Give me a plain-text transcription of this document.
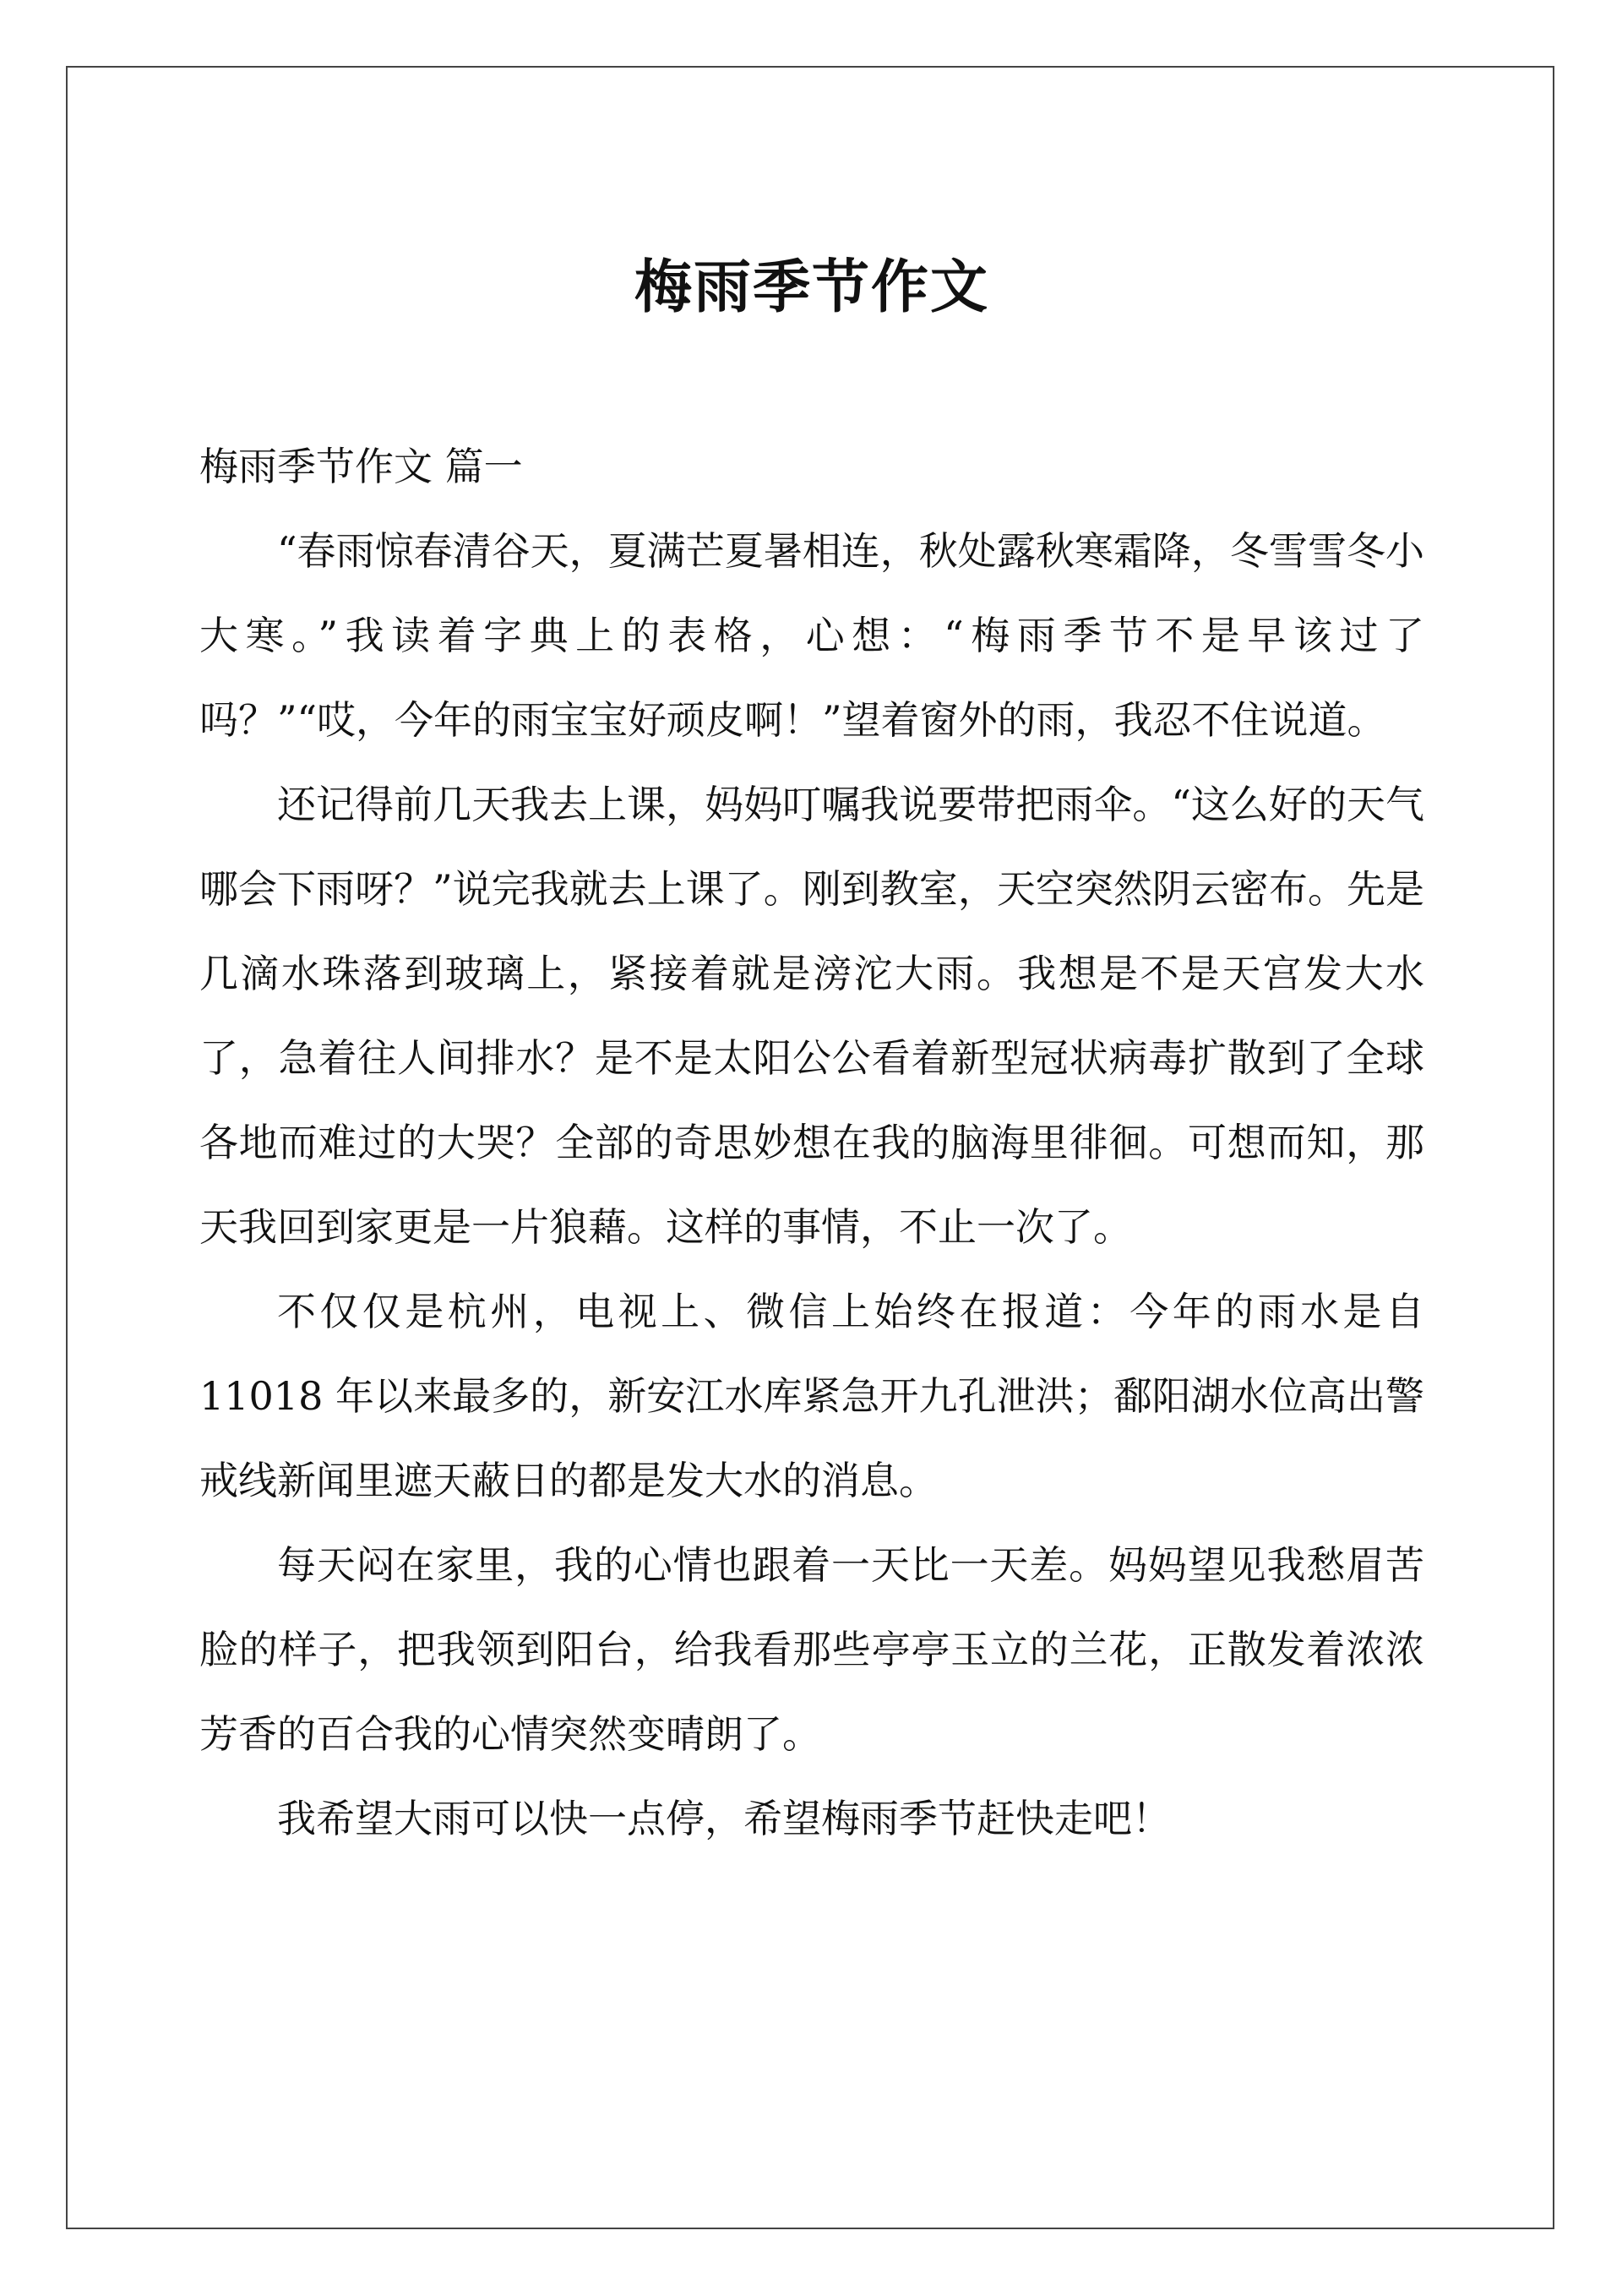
梅雨季节作文

梅雨季节作文 篇一

“春雨惊春清谷天，夏满芒夏暑相连，秋处露秋寒霜降，冬雪雪冬小大寒。”我读着字典上的表格，心想：“梅雨季节不是早该过了吗？”“哎，今年的雨宝宝好顽皮啊！”望着窗外的雨，我忍不住说道。

还记得前几天我去上课，妈妈叮嘱我说要带把雨伞。“这么好的天气哪会下雨呀？”说完我就去上课了。刚到教室，天空突然阴云密布。先是几滴水珠落到玻璃上，紧接着就是滂沱大雨。我想是不是天宫发大水了，急着往人间排水？是不是太阳公公看着新型冠状病毒扩散到了全球各地而难过的大哭？全部的奇思妙想在我的脑海里徘徊。可想而知，那天我回到家更是一片狼藉。这样的事情，不止一次了。

不仅仅是杭州，电视上、微信上始终在报道：今年的雨水是自 11018 年以来最多的，新安江水库紧急开九孔泄洪；鄱阳湖水位高出警戒线新闻里遮天蔽日的都是发大水的消息。

每天闷在家里，我的心情也跟着一天比一天差。妈妈望见我愁眉苦脸的样子，把我领到阳台，给我看那些亭亭玉立的兰花，正散发着浓浓芳香的百合我的心情突然变晴朗了。

我希望大雨可以快一点停，希望梅雨季节赶快走吧！
